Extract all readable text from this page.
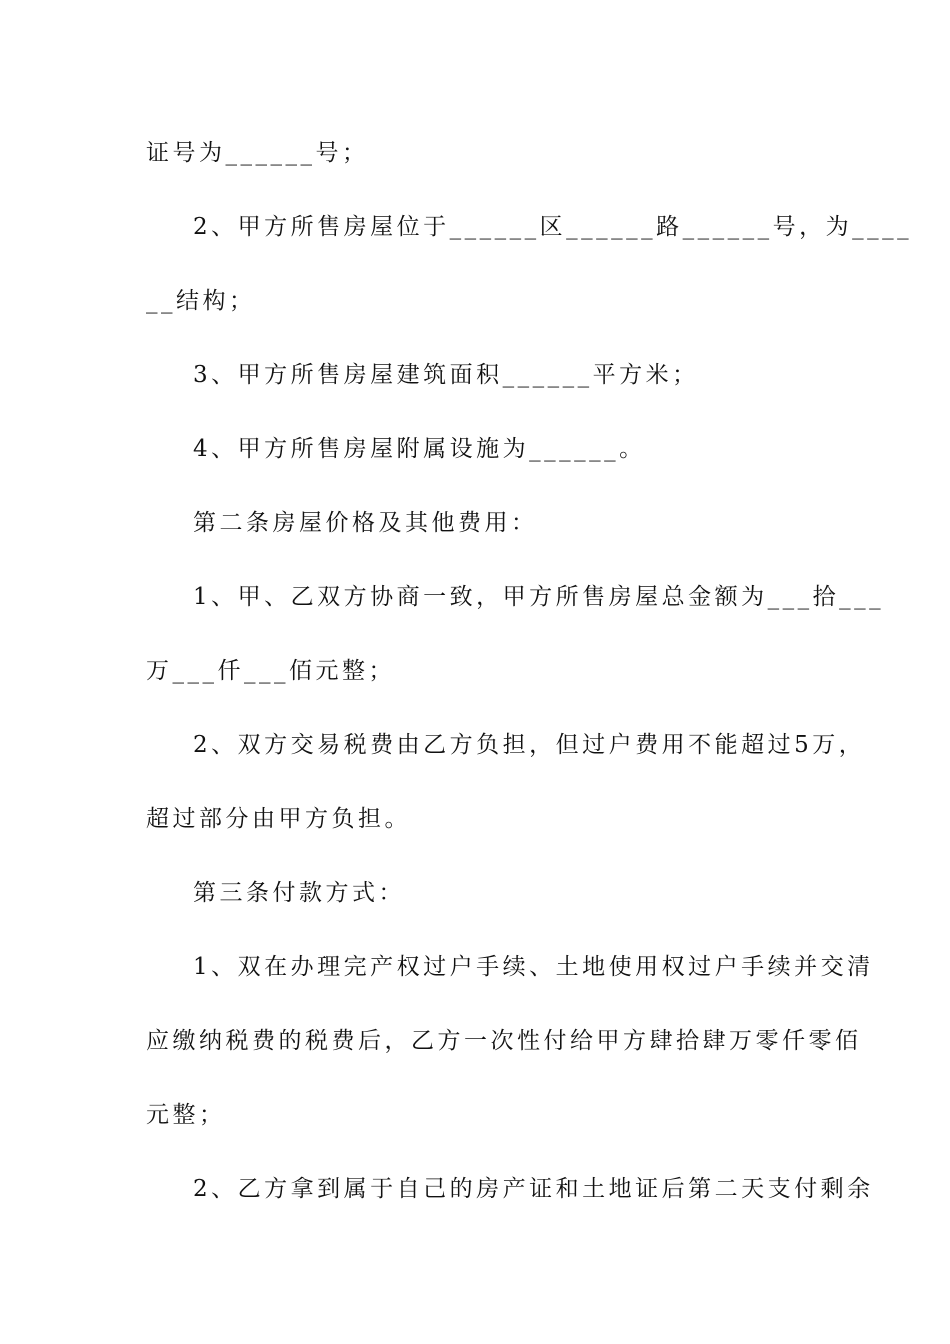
证号为______号；
2、甲方所售房屋位于______区______路______号，为____
__结构；
3、甲方所售房屋建筑面积______平方米；
4、甲方所售房屋附属设施为______。
第二条房屋价格及其他费用：
1、甲、乙双方协商一致，甲方所售房屋总金额为___拾___
万___仟___佰元整；
2、双方交易税费由乙方负担，但过户费用不能超过5万，
超过部分由甲方负担。
第三条付款方式：
1、双在办理完产权过户手续、土地使用权过户手续并交清
应缴纳税费的税费后，乙方一次性付给甲方肆拾肆万零仟零佰
元整；
2、乙方拿到属于自己的房产证和土地证后第二天支付剩余
